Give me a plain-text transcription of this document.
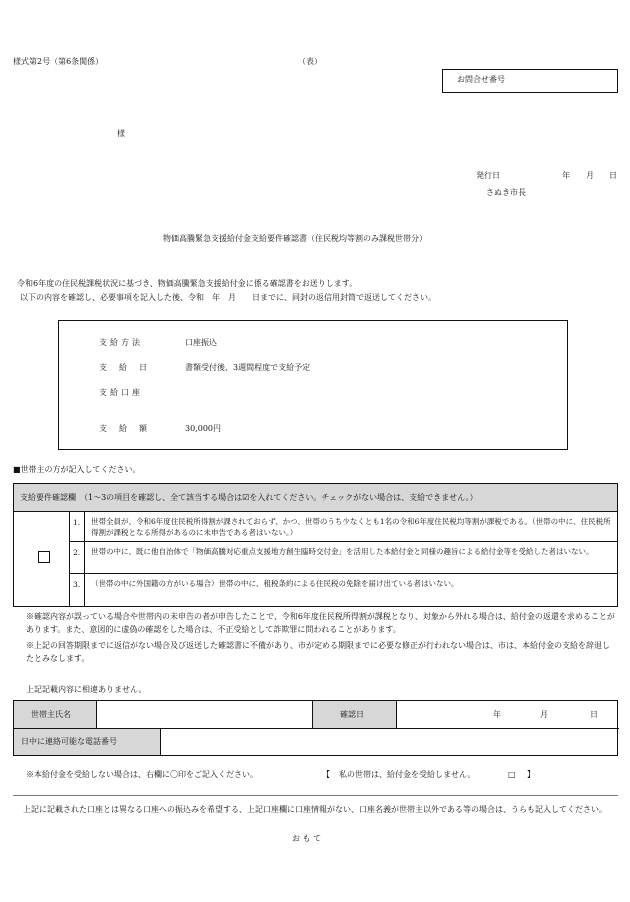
様式第2号（第6条関係）	（表）
お問合せ番号
様
発行日	年 月 日
さぬき市長
物価高騰緊急支援給付金支給要件確認書（住民税均等割のみ課税世帯分）
令和6年度の住民税課税状況に基づき、物価高騰緊急支援給付金に係る確認書をお送りします。
以下の内容を確認し、必要事項を記入した後、令和　年　月　　日までに、同封の返信用封筒で返送してください。
支給方法	口座振込
支給日	書類受付後、3週間程度で支給予定
支給口座
支給額	30,000円
■世帯主の方が記入してください。
支給要件確認欄　（1～3の項目を確認し、全て該当する場合は☑を入れてください。チェックがない場合は、支給できません。）
1.	世帯全員が、令和6年度住民税所得割が課されておらず、かつ、世帯のうち少なくとも1名の令和6年度住民税均等割が課税である。（世帯の中に、住民税所得割が課税となる所得があるのに未申告である者はいない。）
2.	世帯の中に、既に他自治体で「物価高騰対応重点支援地方創生臨時交付金」を活用した本給付金と同様の趣旨による給付金等を受給した者はいない。
3.	（世帯の中に外国籍の方がいる場合）世帯の中に、租税条約による住民税の免除を届け出ている者はいない。
※確認内容が誤っている場合や世帯内の未申告の者が申告したことで、令和6年度住民税所得割が課税となり、対象から外れる場合は、給付金の返還を求めることがあります。また、意図的に虚偽の確認をした場合は、不正受給として詐欺罪に問われることがあります。
※上記の回答期限までに返信がない場合及び返送した確認書に不備があり、市が定める期限までに必要な修正が行われない場合は、市は、本給付金の支給を辞退したとみなします。
上記記載内容に相違ありません。
世帯主氏名	確認日	年	月	日
日中に連絡可能な電話番号
※本給付金を受給しない場合は、右欄に〇印をご記入ください。	【 私の世帯は、給付金を受給しません。	□ 】
上記に記載された口座とは異なる口座への振込みを希望する、上記口座欄に口座情報がない、口座名義が世帯主以外である等の場合は、うらも記入してください。
お も て
